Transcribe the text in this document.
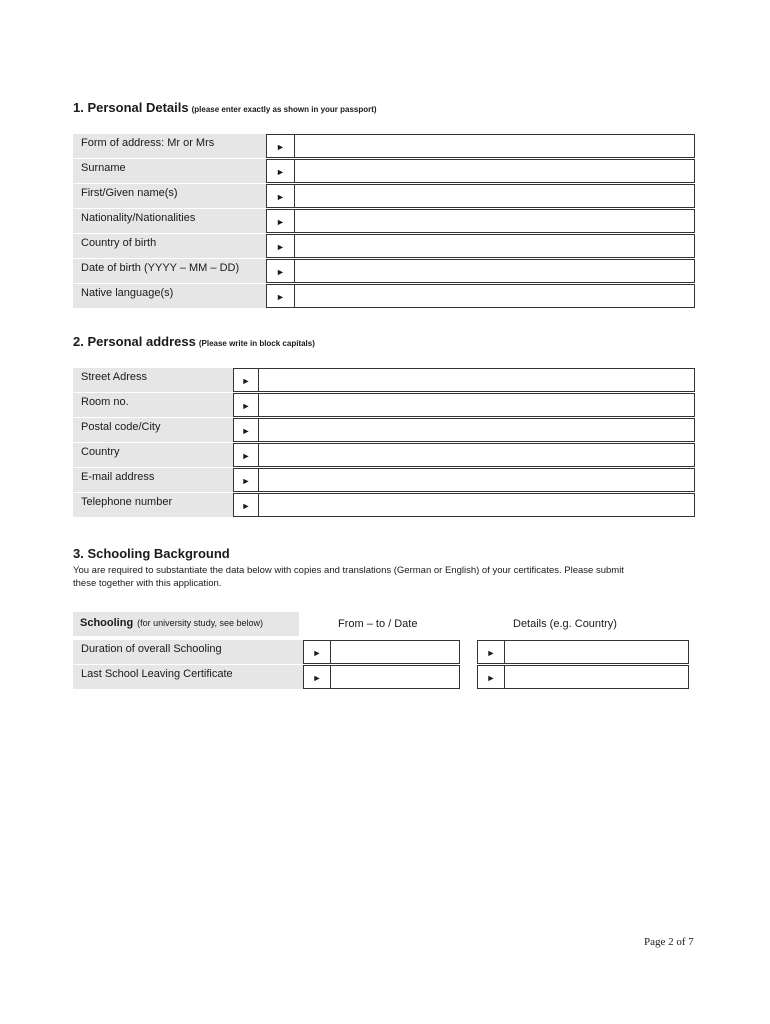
1. Personal Details (please enter exactly as shown in your passport)
Form of address: Mr or Mrs	►
Surname	►
First/Given name(s)	►
Nationality/Nationalities	►
Country of birth	►
Date of birth (YYYY – MM – DD)	►
Native language(s)	►
2. Personal address (Please write in block capitals)
Street Adress	►
Room no.	►
Postal code/City	►
Country	►
E-mail address	►
Telephone number	►
3. Schooling Background
You are required to substantiate the data below with copies and translations (German or English) of your certificates. Please submit
these together with this application.
Schooling (for university study, see below)	From – to / Date	Details (e.g. Country)
Duration of overall Schooling	►	►
Last School Leaving Certificate	►	►
Page 2 of 7
